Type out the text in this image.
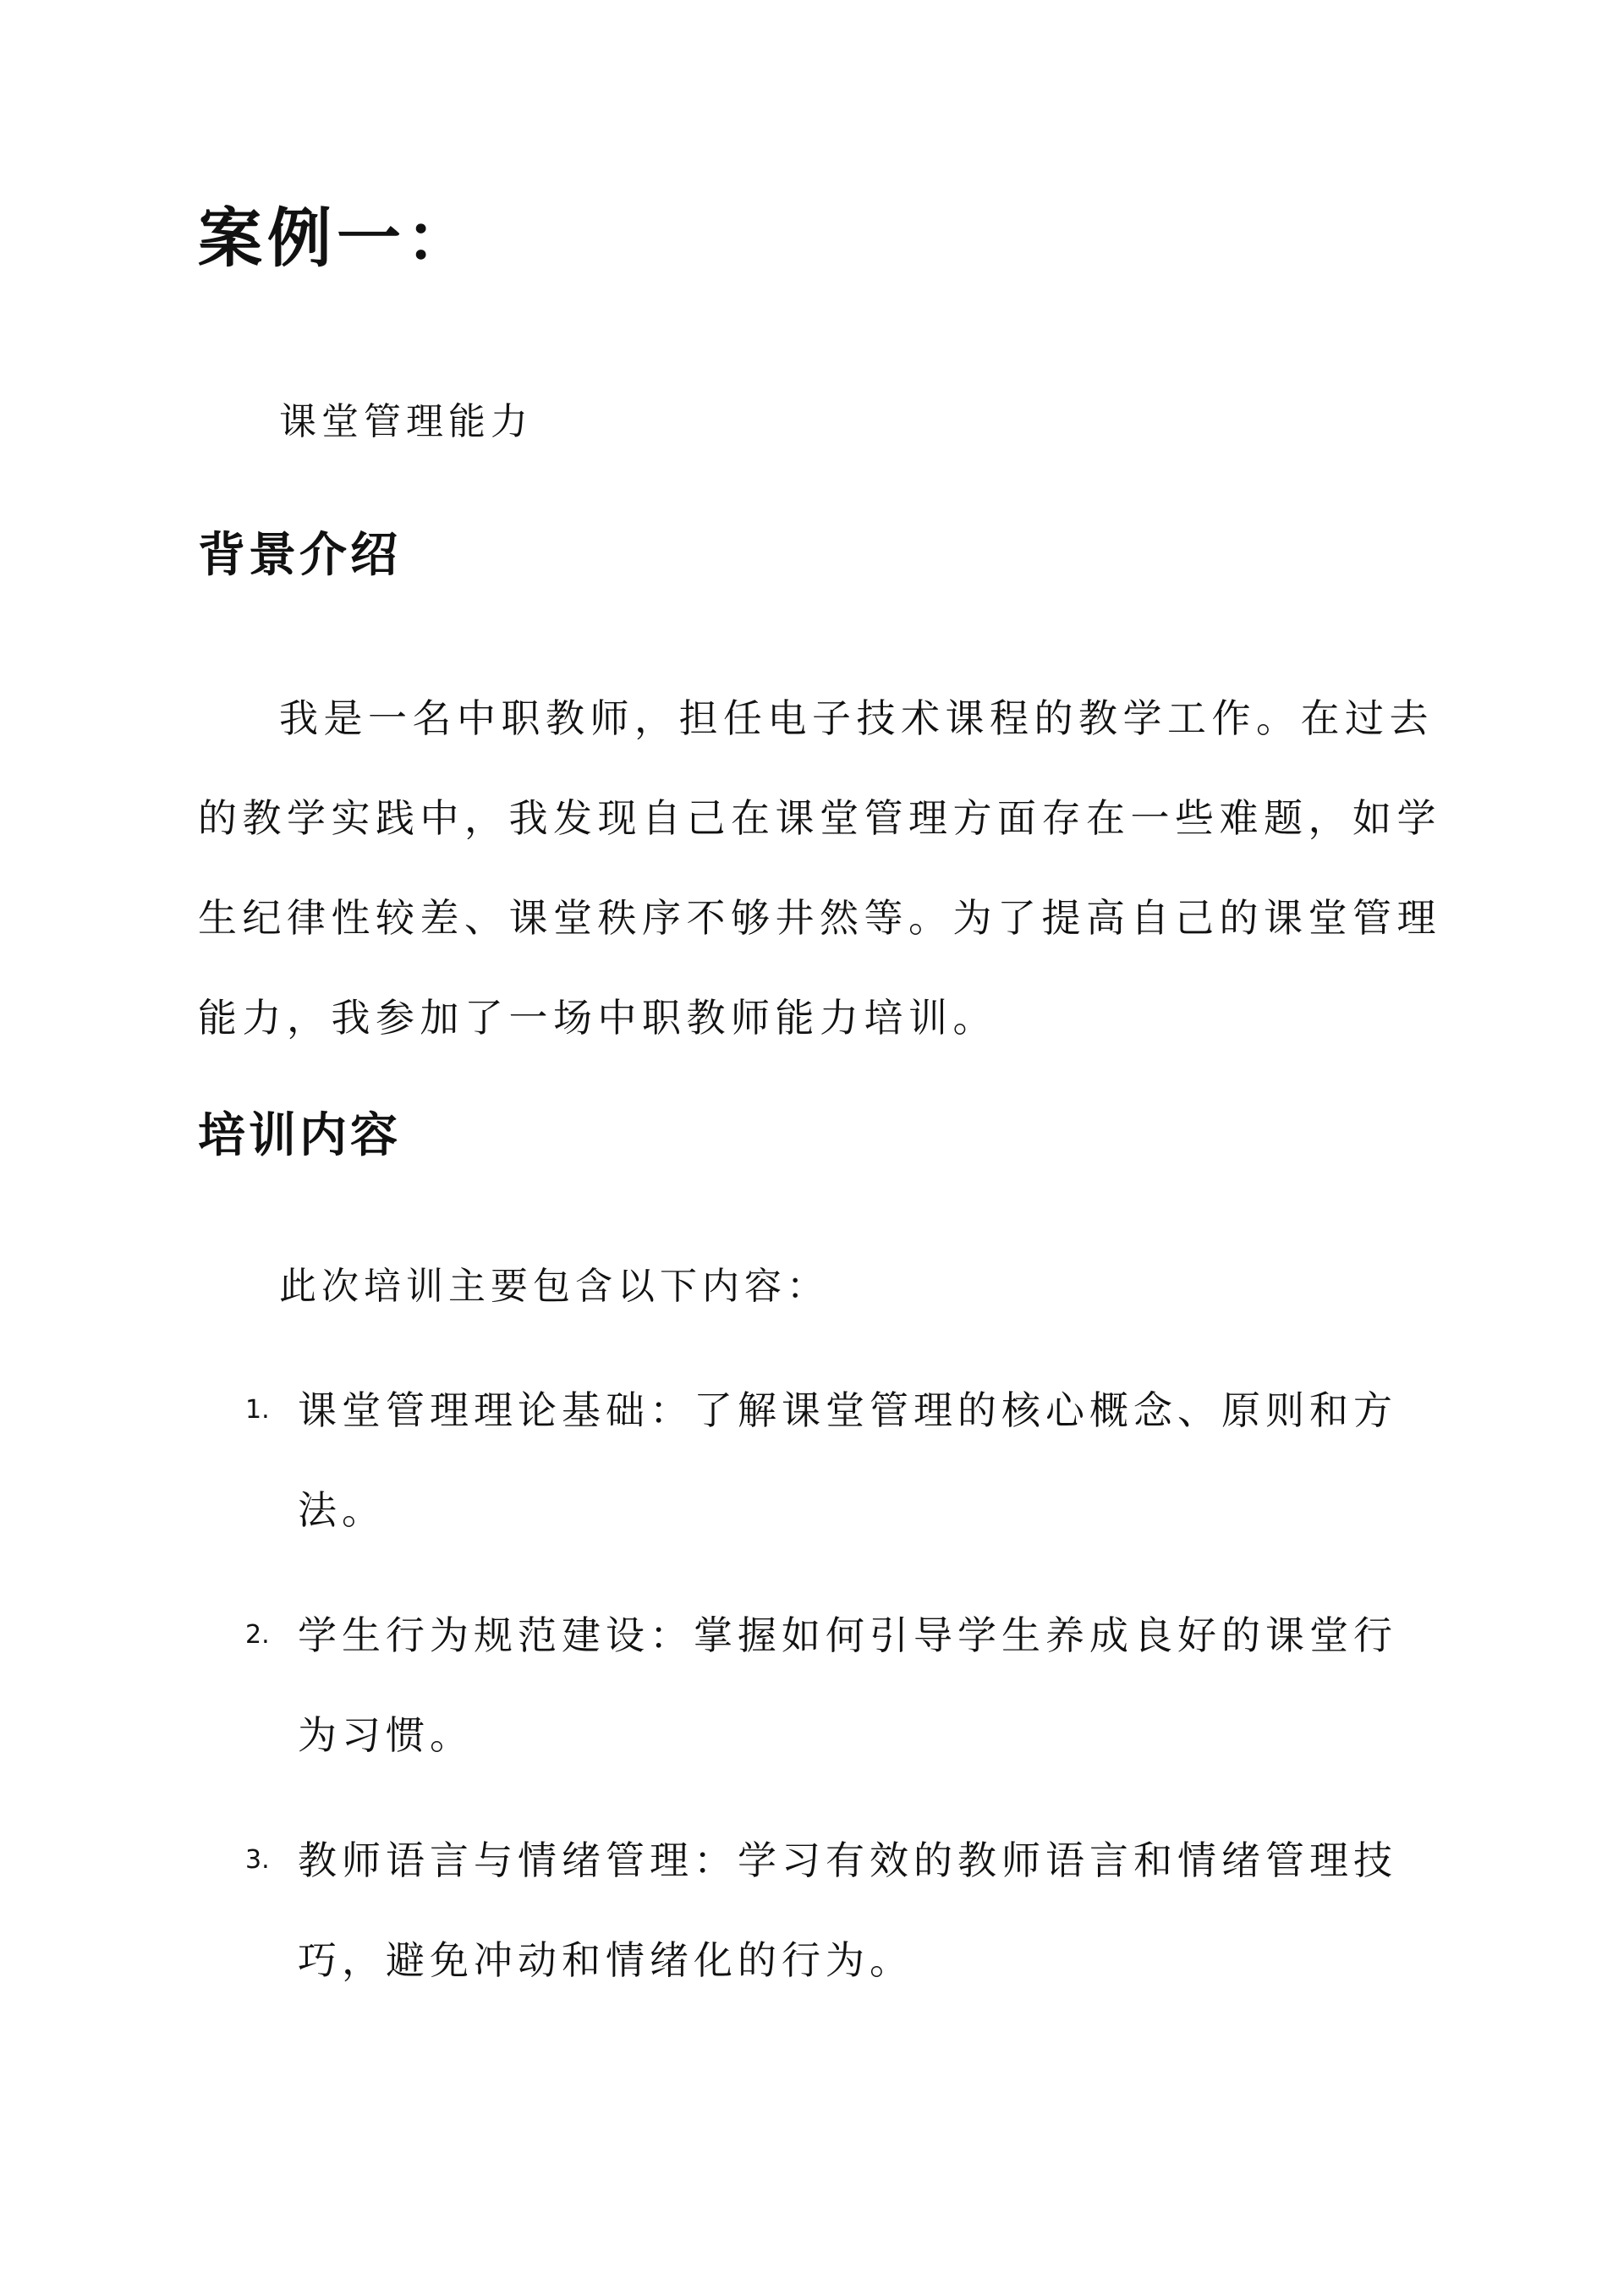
案例一：

课堂管理能力

背景介绍

我是一名中职教师，担任电子技术课程的教学工作。在过去的教学实践中，我发现自己在课堂管理方面存在一些难题，如学生纪律性较差、课堂秩序不够井然等。为了提高自己的课堂管理能力，我参加了一场中职教师能力培训。

培训内容

此次培训主要包含以下内容：

1. 课堂管理理论基础：了解课堂管理的核心概念、原则和方法。
2. 学生行为规范建设：掌握如何引导学生养成良好的课堂行为习惯。
3. 教师语言与情绪管理：学习有效的教师语言和情绪管理技巧，避免冲动和情绪化的行为。
